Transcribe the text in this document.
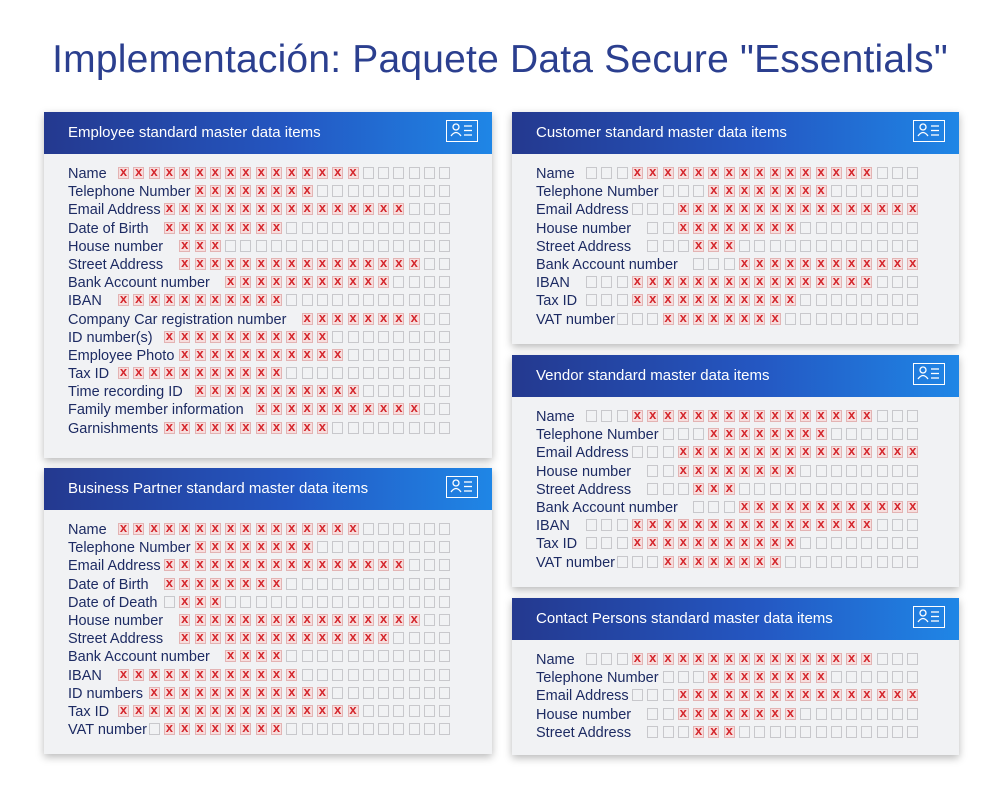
Implementación: Paquete Data Secure "Essentials"
Employee standard master data items
Name
x
x
x
x
x
x
x
x
x
x
x
x
x
x
x
x
Telephone Number
x
x
x
x
x
x
x
x
Email Address
x
x
x
x
x
x
x
x
x
x
x
x
x
x
x
x
Date of Birth
x
x
x
x
x
x
x
x
House number
x
x
x
Street Address
x
x
x
x
x
x
x
x
x
x
x
x
x
x
x
x
Bank Account number
x
x
x
x
x
x
x
x
x
x
x
IBAN
x
x
x
x
x
x
x
x
x
x
x
Company Car registration number
x
x
x
x
x
x
x
x
ID number(s)
x
x
x
x
x
x
x
x
x
x
x
Employee Photo
x
x
x
x
x
x
x
x
x
x
x
Tax ID
x
x
x
x
x
x
x
x
x
x
x
Time recording ID
x
x
x
x
x
x
x
x
x
x
x
Family member information
x
x
x
x
x
x
x
x
x
x
x
Garnishments
x
x
x
x
x
x
x
x
x
x
x
Business Partner standard master data items
Name
x
x
x
x
x
x
x
x
x
x
x
x
x
x
x
x
Telephone Number
x
x
x
x
x
x
x
x
Email Address
x
x
x
x
x
x
x
x
x
x
x
x
x
x
x
x
Date of Birth
x
x
x
x
x
x
x
x
Date of Death
x
x
x
House number
x
x
x
x
x
x
x
x
x
x
x
x
x
x
x
x
Street Address
x
x
x
x
x
x
x
x
x
x
x
x
x
x
Bank Account number
x
x
x
x
IBAN
x
x
x
x
x
x
x
x
x
x
x
x
ID numbers
x
x
x
x
x
x
x
x
x
x
x
x
Tax ID
x
x
x
x
x
x
x
x
x
x
x
x
x
x
x
x
VAT number
x
x
x
x
x
x
x
x
Customer standard master data items
Name
x
x
x
x
x
x
x
x
x
x
x
x
x
x
x
x
Telephone Number
x
x
x
x
x
x
x
x
Email Address
x
x
x
x
x
x
x
x
x
x
x
x
x
x
x
x
House number
x
x
x
x
x
x
x
x
Street Address
x
x
x
Bank Account number
x
x
x
x
x
x
x
x
x
x
x
x
IBAN
x
x
x
x
x
x
x
x
x
x
x
x
x
x
x
x
Tax ID
x
x
x
x
x
x
x
x
x
x
x
VAT number
x
x
x
x
x
x
x
x
Vendor standard master data items
Name
x
x
x
x
x
x
x
x
x
x
x
x
x
x
x
x
Telephone Number
x
x
x
x
x
x
x
x
Email Address
x
x
x
x
x
x
x
x
x
x
x
x
x
x
x
x
House number
x
x
x
x
x
x
x
x
Street Address
x
x
x
Bank Account number
x
x
x
x
x
x
x
x
x
x
x
x
IBAN
x
x
x
x
x
x
x
x
x
x
x
x
x
x
x
x
Tax ID
x
x
x
x
x
x
x
x
x
x
x
VAT number
x
x
x
x
x
x
x
x
Contact Persons standard master data items
Name
x
x
x
x
x
x
x
x
x
x
x
x
x
x
x
x
Telephone Number
x
x
x
x
x
x
x
x
Email Address
x
x
x
x
x
x
x
x
x
x
x
x
x
x
x
x
House number
x
x
x
x
x
x
x
x
Street Address
x
x
x
